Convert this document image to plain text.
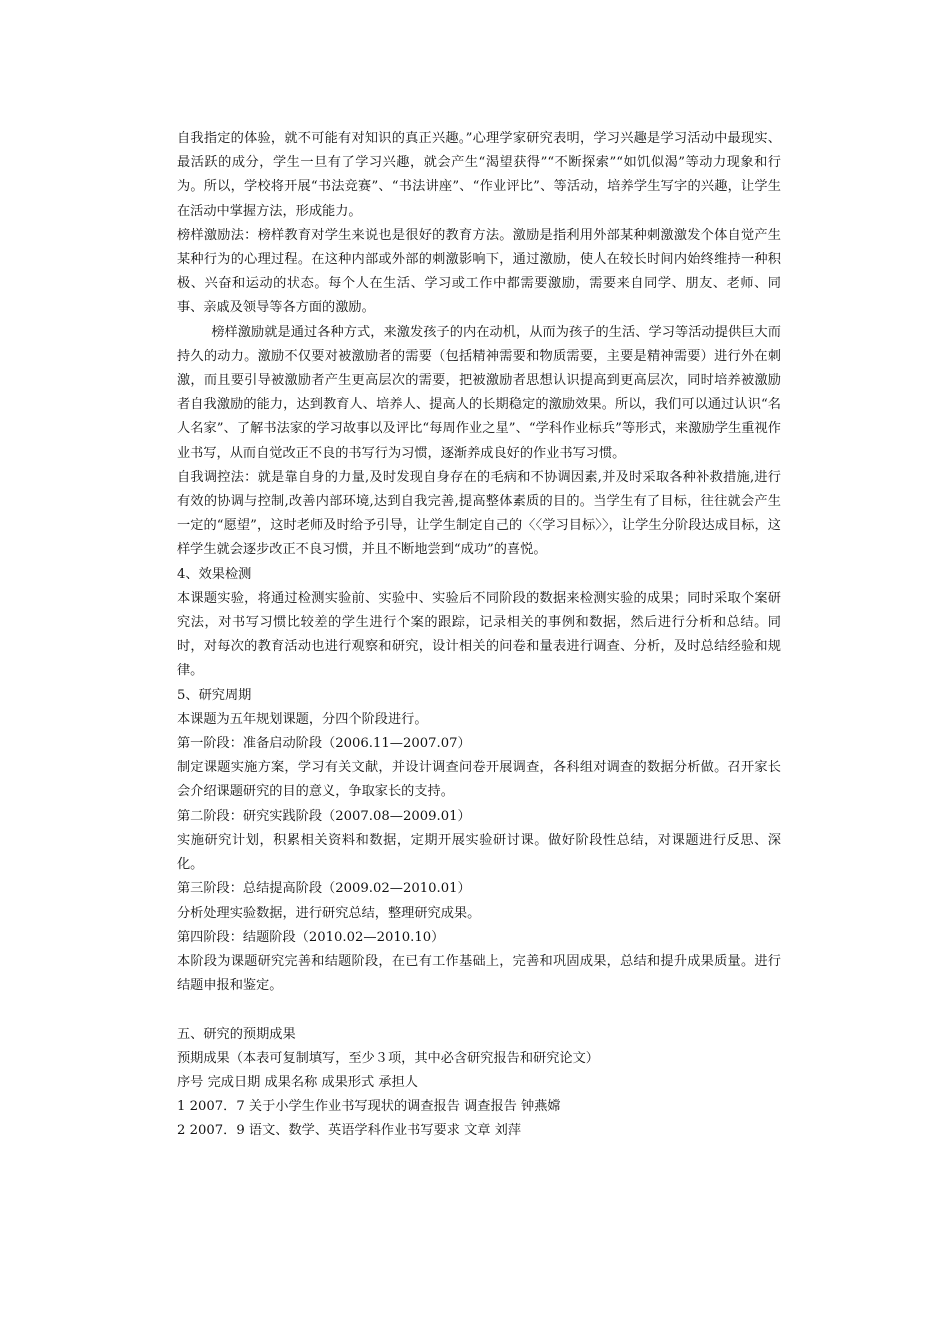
自我指定的体验，就不可能有对知识的真正兴趣。”心理学家研究表明，学习兴趣是学习活动中最现实、最活跃的成分，学生一旦有了学习兴趣，就会产生“渴望获得”“不断探索”“如饥似渴”等动力现象和行为。所以，学校将开展“书法竞赛”、“书法讲座”、“作业评比”、等活动，培养学生写字的兴趣，让学生在活动中掌握方法，形成能力。

榜样激励法：榜样教育对学生来说也是很好的教育方法。激励是指利用外部某种刺激激发个体自觉产生某种行为的心理过程。在这种内部或外部的刺激影响下，通过激励，使人在较长时间内始终维持一种积极、兴奋和运动的状态。每个人在生活、学习或工作中都需要激励，需要来自同学、朋友、老师、同事、亲戚及领导等各方面的激励。

榜样激励就是通过各种方式，来激发孩子的内在动机，从而为孩子的生活、学习等活动提供巨大而持久的动力。激励不仅要对被激励者的需要（包括精神需要和物质需要，主要是精神需要）进行外在刺激，而且要引导被激励者产生更高层次的需要，把被激励者思想认识提高到更高层次，同时培养被激励者自我激励的能力，达到教育人、培养人、提高人的长期稳定的激励效果。所以，我们可以通过认识“名人名家”、了解书法家的学习故事以及评比“每周作业之星”、“学科作业标兵”等形式，来激励学生重视作业书写，从而自觉改正不良的书写行为习惯，逐渐养成良好的作业书写习惯。

自我调控法：就是靠自身的力量,及时发现自身存在的毛病和不协调因素,并及时采取各种补救措施,进行有效的协调与控制,改善内部环境,达到自我完善,提高整体素质的目的。当学生有了目标，往往就会产生一定的“愿望”，这时老师及时给予引导，让学生制定自己的〈〈学习目标〉〉，让学生分阶段达成目标，这样学生就会逐步改正不良习惯，并且不断地尝到“成功”的喜悦。

4、效果检测

本课题实验，将通过检测实验前、实验中、实验后不同阶段的数据来检测实验的成果；同时采取个案研究法，对书写习惯比较差的学生进行个案的跟踪，记录相关的事例和数据，然后进行分析和总结。同时，对每次的教育活动也进行观察和研究，设计相关的问卷和量表进行调查、分析，及时总结经验和规律。

5、研究周期

本课题为五年规划课题，分四个阶段进行。

第一阶段：准备启动阶段（2006.11—2007.07）

制定课题实施方案，学习有关文献，并设计调查问卷开展调查，各科组对调查的数据分析做。召开家长会介绍课题研究的目的意义，争取家长的支持。

第二阶段：研究实践阶段（2007.08—2009.01）

实施研究计划，积累相关资料和数据，定期开展实验研讨课。做好阶段性总结，对课题进行反思、深化。

第三阶段：总结提高阶段（2009.02—2010.01）

分析处理实验数据，进行研究总结，整理研究成果。

第四阶段：结题阶段（2010.02—2010.10）

本阶段为课题研究完善和结题阶段，在已有工作基础上，完善和巩固成果，总结和提升成果质量。进行结题申报和鉴定。

五、研究的预期成果

预期成果（本表可复制填写，至少３项，其中必含研究报告和研究论文）

序号 完成日期 成果名称 成果形式 承担人

1 2007．7 关于小学生作业书写现状的调查报告 调查报告 钟燕嫦

2 2007．9 语文、数学、英语学科作业书写要求 文章 刘萍
